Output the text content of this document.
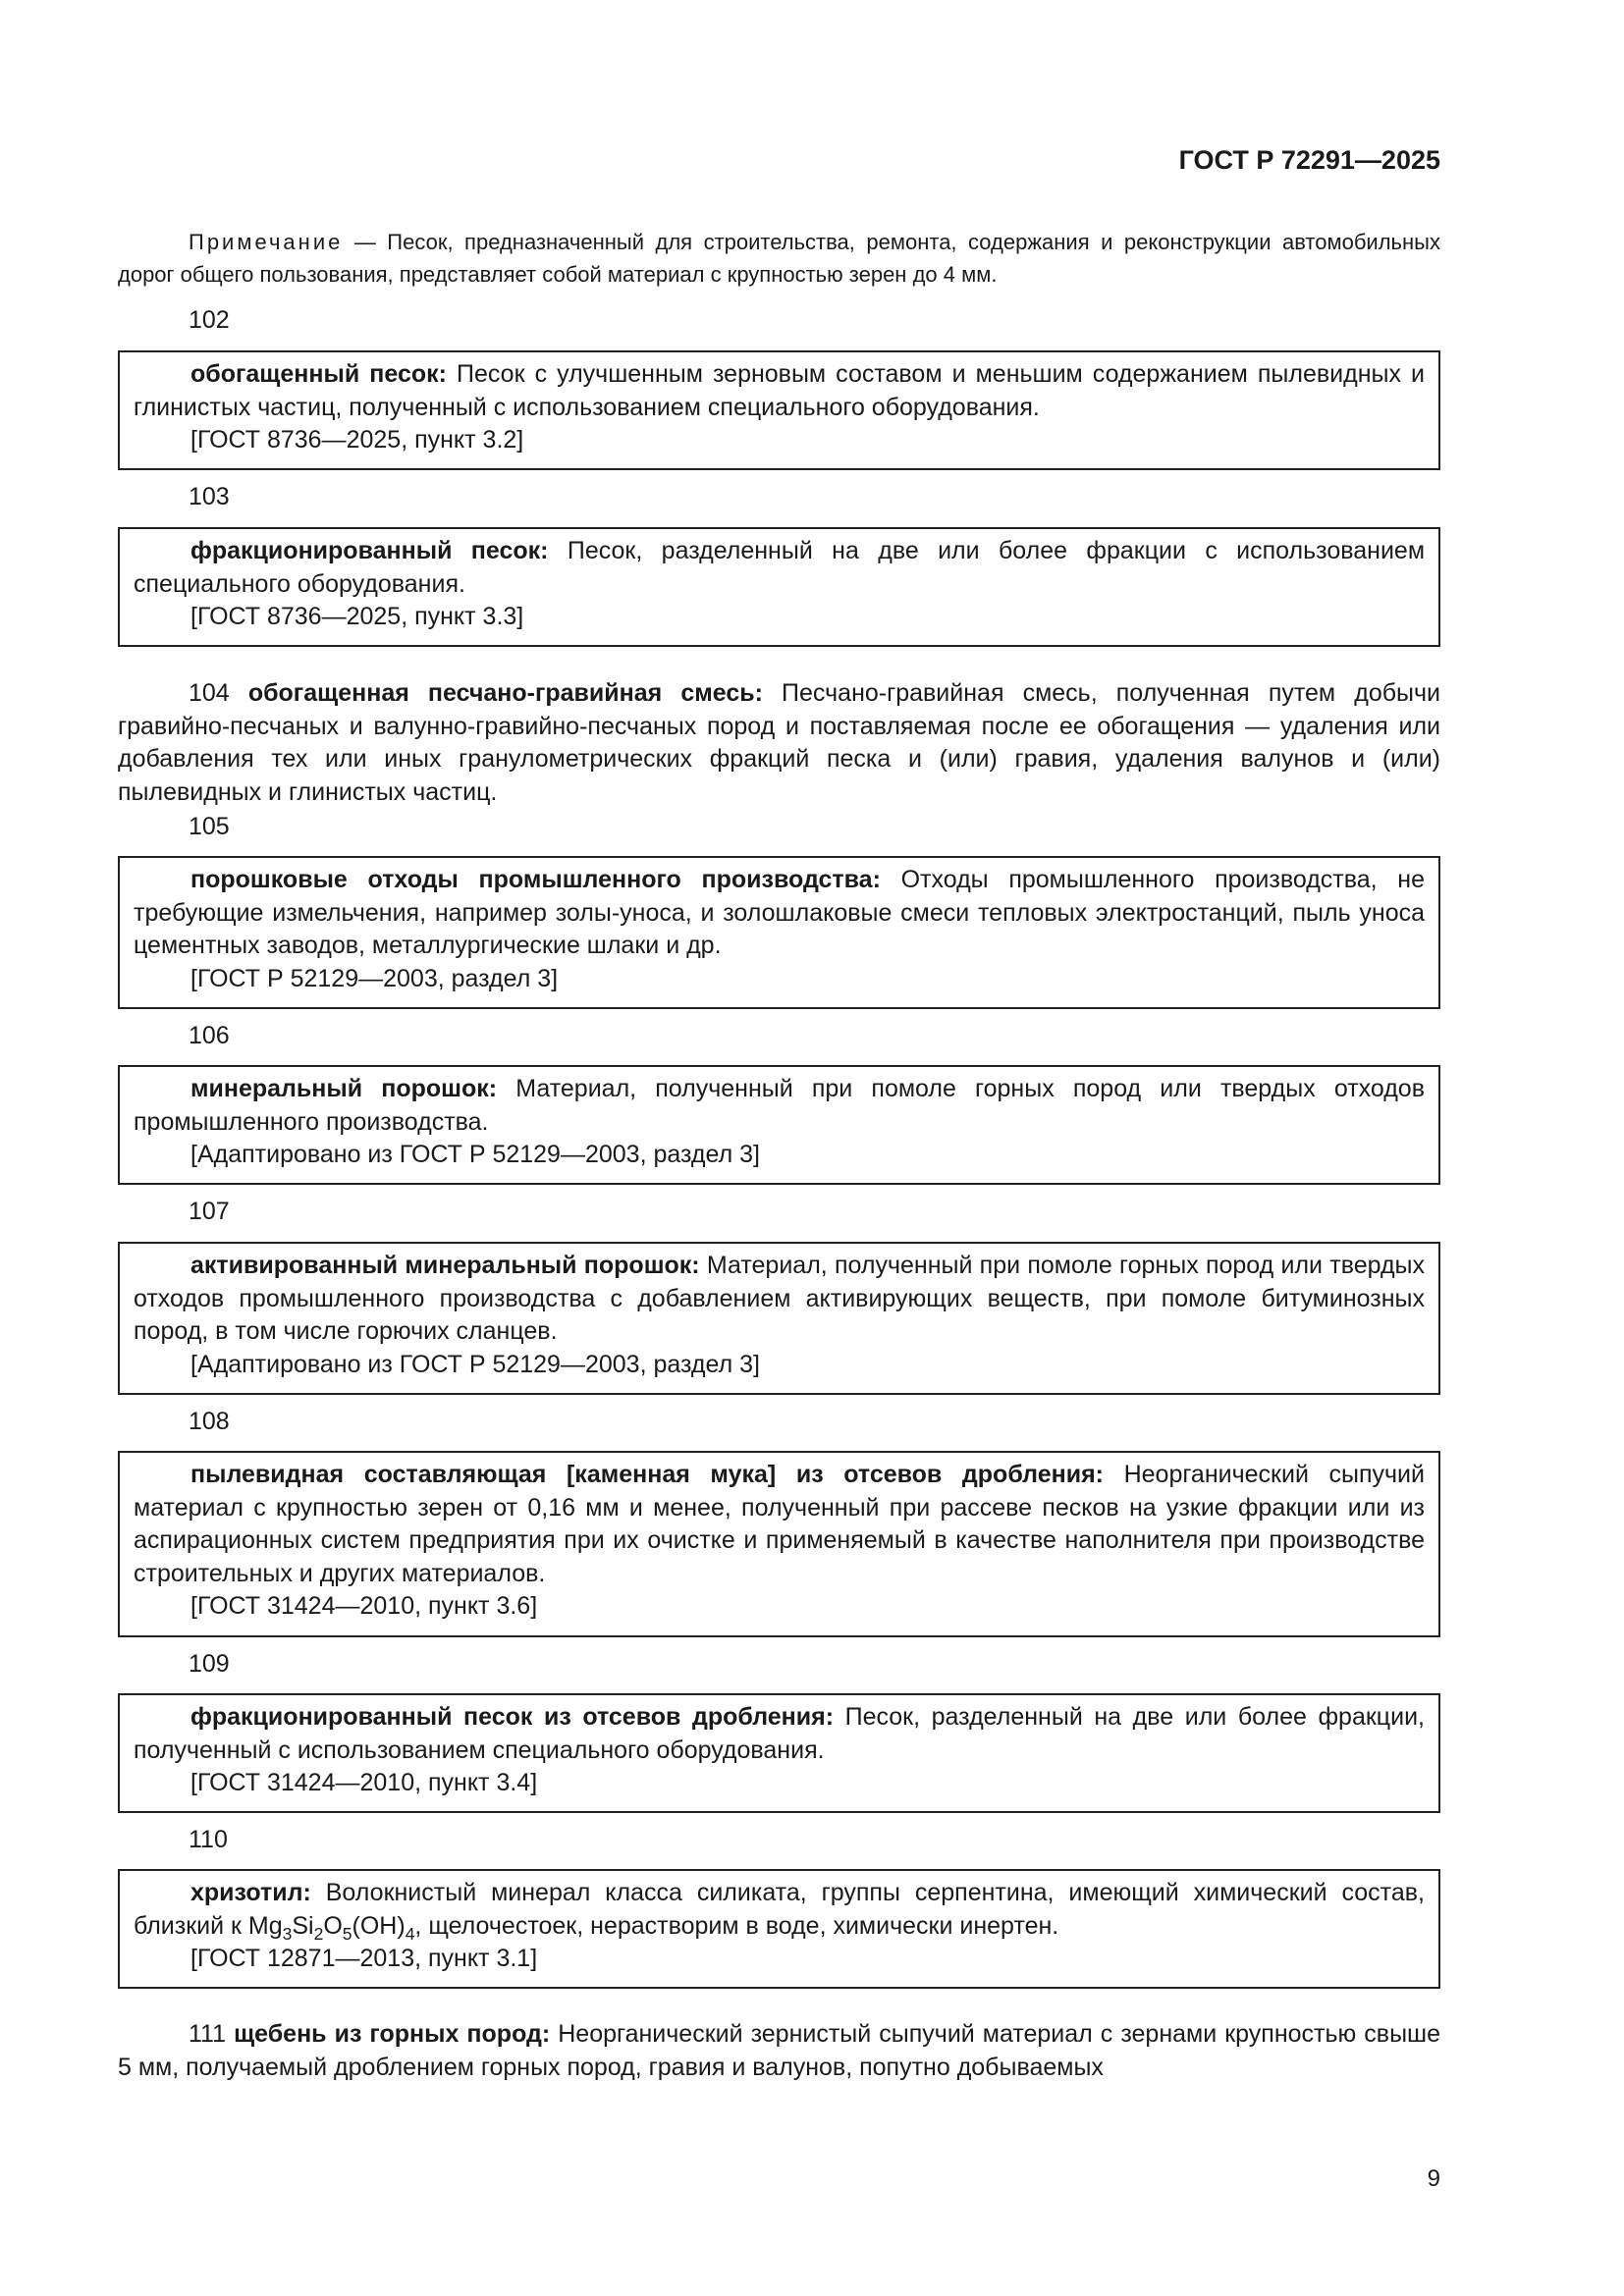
ГОСТ Р 72291—2025
Примечание — Песок, предназначенный для строительства, ремонта, содержания и реконструкции автомобильных дорог общего пользования, представляет собой материал с крупностью зерен до 4 мм.
102

обогащенный песок: Песок с улучшенным зерновым составом и меньшим содержанием пылевидных и глинистых частиц, полученный с использованием специального оборудования.

[ГОСТ 8736—2025, пункт 3.2]

103

фракционированный песок: Песок, разделенный на две или более фракции с использованием специального оборудования.

[ГОСТ 8736—2025, пункт 3.3]

104 обогащенная песчано-гравийная смесь: Песчано-гравийная смесь, полученная путем добычи гравийно-песчаных и валунно-гравийно-песчаных пород и поставляемая после ее обогащения — удаления или добавления тех или иных гранулометрических фракций песка и (или) гравия, удаления валунов и (или) пылевидных и глинистых частиц.
105

порошковые отходы промышленного производства: Отходы промышленного производства, не требующие измельчения, например золы-уноса, и золошлаковые смеси тепловых электростанций, пыль уноса цементных заводов, металлургические шлаки и др.

[ГОСТ Р 52129—2003, раздел 3]

106

минеральный порошок: Материал, полученный при помоле горных пород или твердых отходов промышленного производства.

[Адаптировано из ГОСТ Р 52129—2003, раздел 3]

107

активированный минеральный порошок: Материал, полученный при помоле горных пород или твердых отходов промышленного производства с добавлением активирующих веществ, при помоле битуминозных пород, в том числе горючих сланцев.

[Адаптировано из ГОСТ Р 52129—2003, раздел 3]

108

пылевидная составляющая [каменная мука] из отсевов дробления: Неорганический сыпучий материал с крупностью зерен от 0,16 мм и менее, полученный при рассеве песков на узкие фракции или из аспирационных систем предприятия при их очистке и применяемый в качестве наполнителя при производстве строительных и других материалов.

[ГОСТ 31424—2010, пункт 3.6]

109

фракционированный песок из отсевов дробления: Песок, разделенный на две или более фракции, полученный с использованием специального оборудования.

[ГОСТ 31424—2010, пункт 3.4]

110

хризотил: Волокнистый минерал класса силиката, группы серпентина, имеющий химический состав, близкий к $Mg_3Si_2O_5(OH)_4$, щелочестоек, нерастворим в воде, химически инертен.

[ГОСТ 12871—2013, пункт 3.1]

111 щебень из горных пород: Неорганический зернистый сыпучий материал с зернами крупностью свыше 5 мм, получаемый дроблением горных пород, гравия и валунов, попутно добываемых
9
